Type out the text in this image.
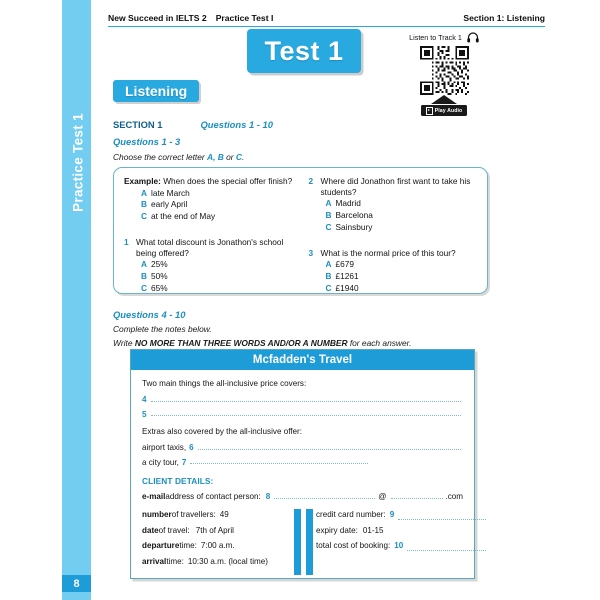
Practice Test 1
8
New Succeed in IELTS 2 Practice Test I	Section 1: Listening
Test 1	Listen to Track 1
Play Audio
Listening
SECTION 1	Questions 1 - 10
Questions 1 - 3
Choose the correct letter A, B or C.
Example: When does the special offer finish?
A late March
B early April
C at the end of May
1 What total discount is Jonathon's school being offered?
A 25%
B 50%
C 65%
2 Where did Jonathon first want to take his students?
A Madrid
B Barcelona
C Sainsbury
3 What is the normal price of this tour?
A £679
B £1261
C £1940
Questions 4 - 10
Complete the notes below.
Write NO MORE THAN THREE WORDS AND/OR A NUMBER for each answer.
Mcfadden's Travel
Two main things the all-inclusive price covers:
4
5
Extras also covered by the all-inclusive offer:
airport taxis, 6
a city tour, 7
CLIENT DETAILS:
e-mail address of contact person: 8	@	.com
number of travellers: 49
date of travel: 7th of April
departure time: 7:00 a.m.
arrival time: 10:30 a.m. (local time)
credit card number: 9
expiry date: 01-15
total cost of booking: 10
